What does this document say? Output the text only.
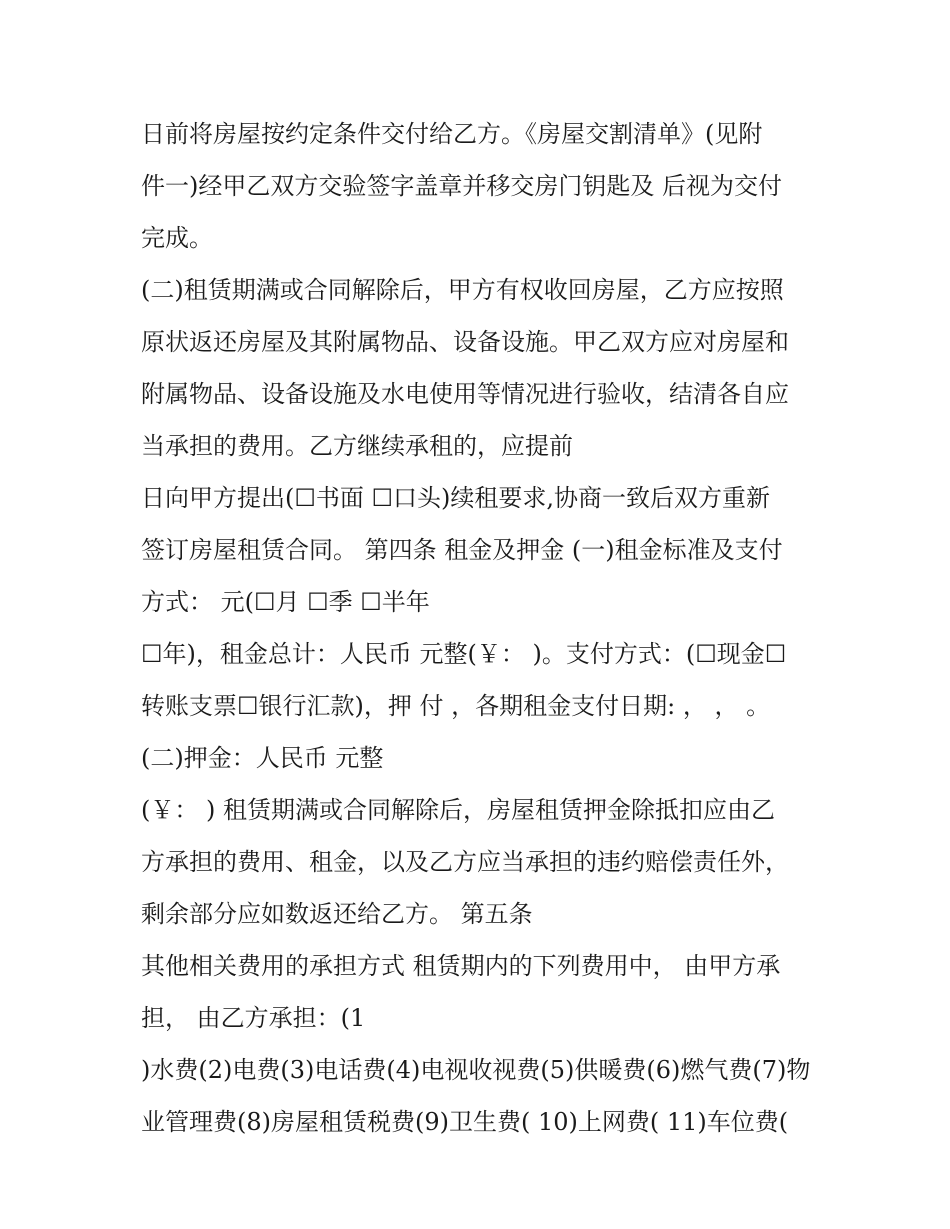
日前将房屋按约定条件交付给乙方。《房屋交割清单》(见附
件一)经甲乙双方交验签字盖章并移交房门钥匙及 后视为交付
完成。
(二)租赁期满或合同解除后，甲方有权收回房屋，乙方应按照
原状返还房屋及其附属物品、设备设施。甲乙双方应对房屋和
附属物品、设备设施及水电使用等情况进行验收，结清各自应
当承担的费用。乙方继续承租的，应提前
日向甲方提出(☐书面 ☐口头)续租要求,协商一致后双方重新
签订房屋租赁合同。 第四条 租金及押金 (一)租金标准及支付
方式： 元(☐月 ☐季 ☐半年
☐年)，租金总计：人民币 元整(￥： )。支付方式：(☐现金☐
转账支票☐银行汇款)，押 付 ，各期租金支付日期: ， ， 。
(二)押金：人民币 元整
(￥： ) 租赁期满或合同解除后，房屋租赁押金除抵扣应由乙
方承担的费用、租金，以及乙方应当承担的违约赔偿责任外，
剩余部分应如数返还给乙方。 第五条
其他相关费用的承担方式 租赁期内的下列费用中， 由甲方承
担， 由乙方承担：(1
)水费(2)电费(3)电话费(4)电视收视费(5)供暖费(6)燃气费(7)物
业管理费(8)房屋租赁税费(9)卫生费( 10)上网费( 11)车位费(
